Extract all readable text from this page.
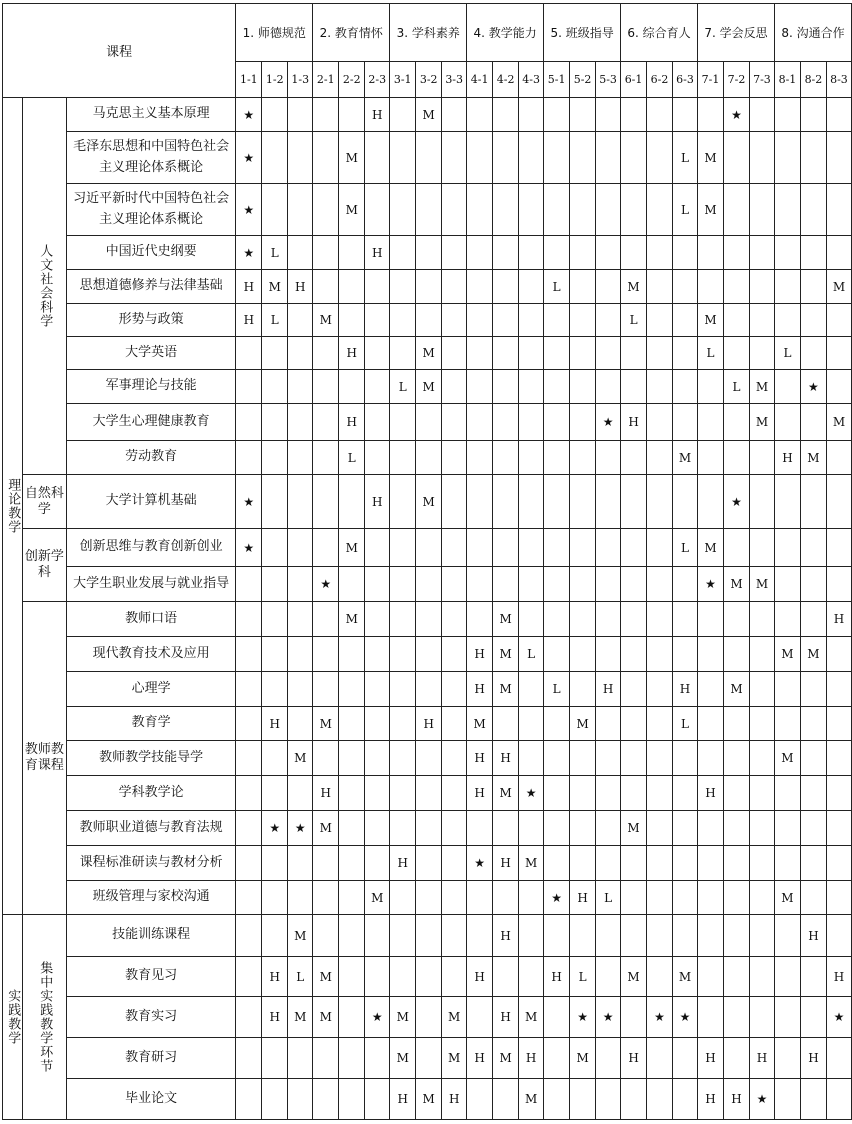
课程			1. 师德规范			2. 教育情怀			3. 学科素养			4. 教学能力			5. 班级指导			6. 综合育人			7. 学会反思			8. 沟通合作		
			1-1	1-2	1-3	2-1	2-2	2-3	3-1	3-2	3-3	4-1	4-2	4-3	5-1	5-2	5-3	6-1	6-2	6-3	7-1	7-2	7-3	8-1	8-2	8-3
理论教学	人文社会科学	马克思主义基本原理	★					H		M												★				
		毛泽东思想和中国特色社会主义理论体系概论	★				M													L	M					
		习近平新时代中国特色社会主义理论体系概论	★				M													L	M					
		中国近代史纲要	★	L				H																		
		思想道德修养与法律基础	H	M	H										L			M								M
		形势与政策	H	L		M												L			M					
		大学英语					H			M											L			L		
		军事理论与技能							L	M												L	M		★	
		大学生心理健康教育					H										★	H					M			M
		劳动教育					L													M				H	M	
	自然科学	大学计算机基础	★					H		M												★				
	创新学科	创新思维与教育创新创业	★				M													L	M					
		大学生职业发展与就业指导				★															★	M	M			
	教师教育课程	教师口语					M						M													H
		现代教育技术及应用										H	M	L										M	M	
		心理学										H	M		L		H			H		M				
		教育学		H		M				H		M				M				L						
		教师教学技能导学			M							H	H											M		
		学科教学论				H						H	M	★							H					
		教师职业道德与教育法规		★	★	M												M								
		课程标准研读与教材分析							H			★	H	M												
		班级管理与家校沟通						M							★	H	L							M		
实践教学	集中实践教学环节	技能训练课程			M								H												H	
		教育见习		H	L	M						H			H	L		M		M						H
		教育实习		H	M	M		★	M		M		H	M		★	★		★	★						★
		教育研习							M		M	H	M	H		M		H			H		H		H	
		毕业论文							H	M	H			M							H	H	★			
